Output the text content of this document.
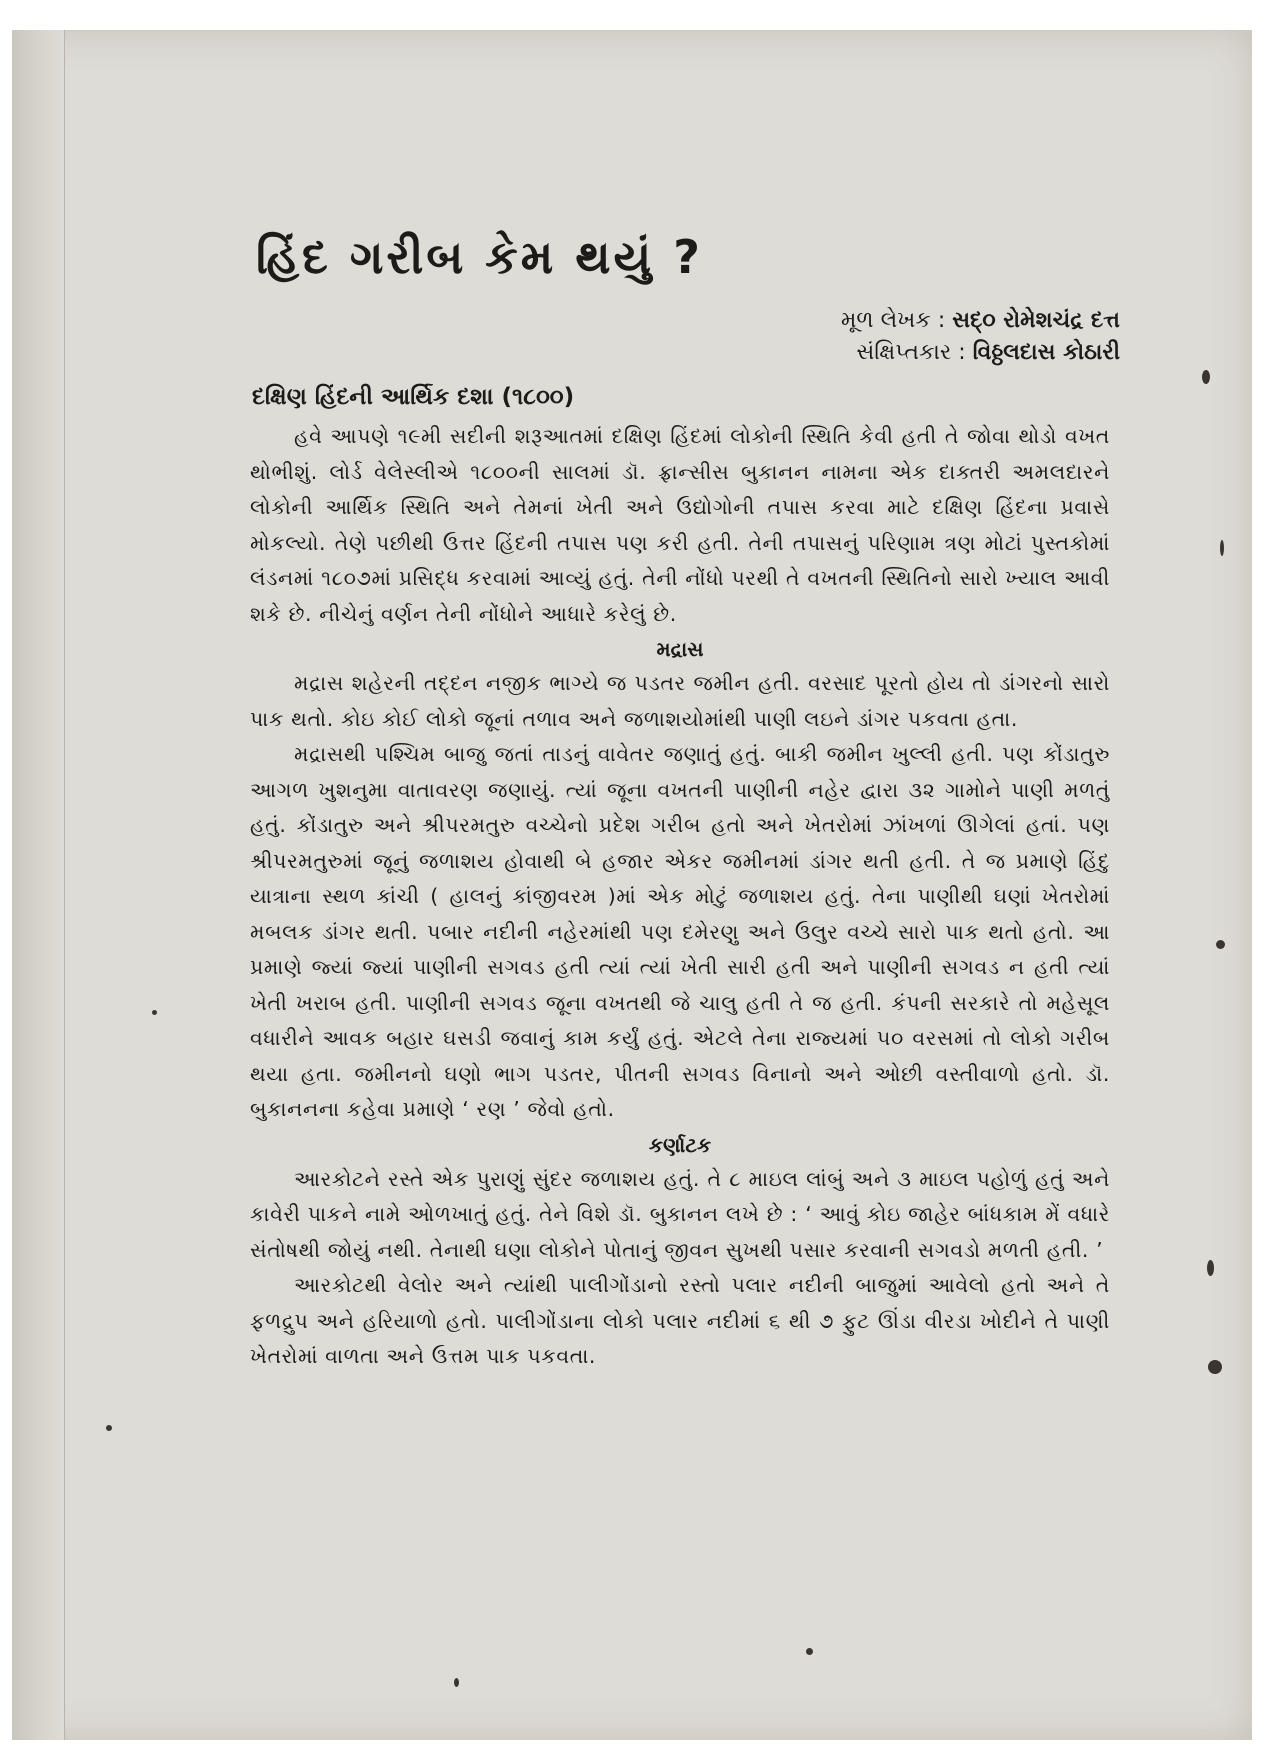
હિંદ ગરીબ કેમ થયું ?
મૂળ લેખક : સદ્‌૦ રોમેશચંદ્ર દત્ત
સંક્ષિપ્તકાર : વિઠ્ઠલદાસ કોઠારી
દક્ષિણ હિંદની આર્થિક દશા (૧૮૦૦)

હવે આપણે ૧૯મી સદીની શરૂઆતમાં દક્ષિણ હિંદમાં લોકોની સ્થિતિ કેવી હતી તે જોવા થોડો વખત થોભીશું. લોર્ડ વેલેસ્લીએ ૧૮૦૦ની સાલમાં ડૉ. ફ્રાન્સીસ બુકાનન નામના એક દાક્તરી અમલદારને લોકોની આર્થિક સ્થિતિ અને તેમનાં ખેતી અને ઉદ્યોગોની તપાસ કરવા માટે દક્ષિણ હિંદના પ્રવાસે મોકલ્યો. તેણે પછીથી ઉત્તર હિંદની તપાસ પણ કરી હતી. તેની તપાસનું પરિણામ ત્રણ મોટાં પુસ્તકોમાં લંડનમાં ૧૮૦૭માં પ્રસિદ્ધ કરવામાં આવ્યું હતું. તેની નોંધો પરથી તે વખતની સ્થિતિનો સારો ખ્યાલ આવી શકે છે. નીચેનું વર્ણન તેની નોંધોને આધારે કરેલું છે.

મદ્રાસ

મદ્રાસ શહેરની તદ્દન નજીક ભાગ્યે જ પડતર જમીન હતી. વરસાદ પૂરતો હોય તો ડાંગરનો સારો પાક થતો. કોઇ કોઈ લોકો જૂનાં તળાવ અને જળાશયોમાંથી પાણી લઇને ડાંગર પકવતા હતા.

મદ્રાસથી પશ્ચિમ બાજુ જતાં તાડનું વાવેતર જણાતું હતું. બાકી જમીન ખુલ્લી હતી. પણ કોંડાતુરુ આગળ ખુશનુમા વાતાવરણ જણાયું. ત્યાં જૂના વખતની પાણીની નહેર દ્વારા ૩૨ ગામોને પાણી મળતું હતું. કોંડાતુરુ અને શ્રીપરમતુરુ વચ્ચેનો પ્રદેશ ગરીબ હતો અને ખેતરોમાં ઝાંખળાં ઊગેલાં હતાં. પણ શ્રીપરમતુરુમાં જૂનું જળાશય હોવાથી બે હજાર એકર જમીનમાં ડાંગર થતી હતી. તે જ પ્રમાણે હિંદુ યાત્રાના સ્થળ કાંચી ( હાલનું કાંજીવરમ )માં એક મોટું જળાશય હતું. તેના પાણીથી ઘણાં ખેતરોમાં મબલક ડાંગર થતી. પબાર નદીની નહેરમાંથી પણ દમેરણુ અને ઉલુર વચ્ચે સારો પાક થતો હતો. આ પ્રમાણે જ્યાં જ્યાં પાણીની સગવડ હતી ત્યાં ત્યાં ખેતી સારી હતી અને પાણીની સગવડ ન હતી ત્યાં ખેતી ખરાબ હતી. પાણીની સગવડ જૂના વખતથી જે ચાલુ હતી તે જ હતી. કંપની સરકારે તો મહેસૂલ વધારીને આવક બહાર ઘસડી જવાનું કામ કર્યું હતું. એટલે તેના રાજ્યમાં ૫૦ વરસમાં તો લોકો ગરીબ થયા હતા. જમીનનો ઘણો ભાગ પડતર, પીતની સગવડ વિનાનો અને ઓછી વસ્તીવાળો હતો. ડૉ. બુકાનનના કહેવા પ્રમાણે ‘ રણ ’ જેવો હતો.

કર્ણાટક

આરકોટને રસ્તે એક પુરાણું સુંદર જળાશય હતું. તે ૮ માઇલ લાંબું અને ૩ માઇલ પહોળું હતું અને કાવેરી પાકને નામે ઓળખાતું હતું. તેને વિશે ડૉ. બુકાનન લખે છે : ‘ આવું કોઇ જાહેર બાંધકામ મેં વધારે સંતોષથી જોયું નથી. તેનાથી ઘણા લોકોને પોતાનું જીવન સુખથી પસાર કરવાની સગવડો મળતી હતી. ’

આરકોટથી વેલોર અને ત્યાંથી પાલીગોંડાનો રસ્તો પલાર નદીની બાજુમાં આવેલો હતો અને તે ફળદ્રુપ અને હરિયાળો હતો. પાલીગોંડાના લોકો પલાર નદીમાં ૬ થી ૭ ફુટ ઊંડા વીરડા ખોદીને તે પાણી ખેતરોમાં વાળતા અને ઉત્તમ પાક પકવતા.
